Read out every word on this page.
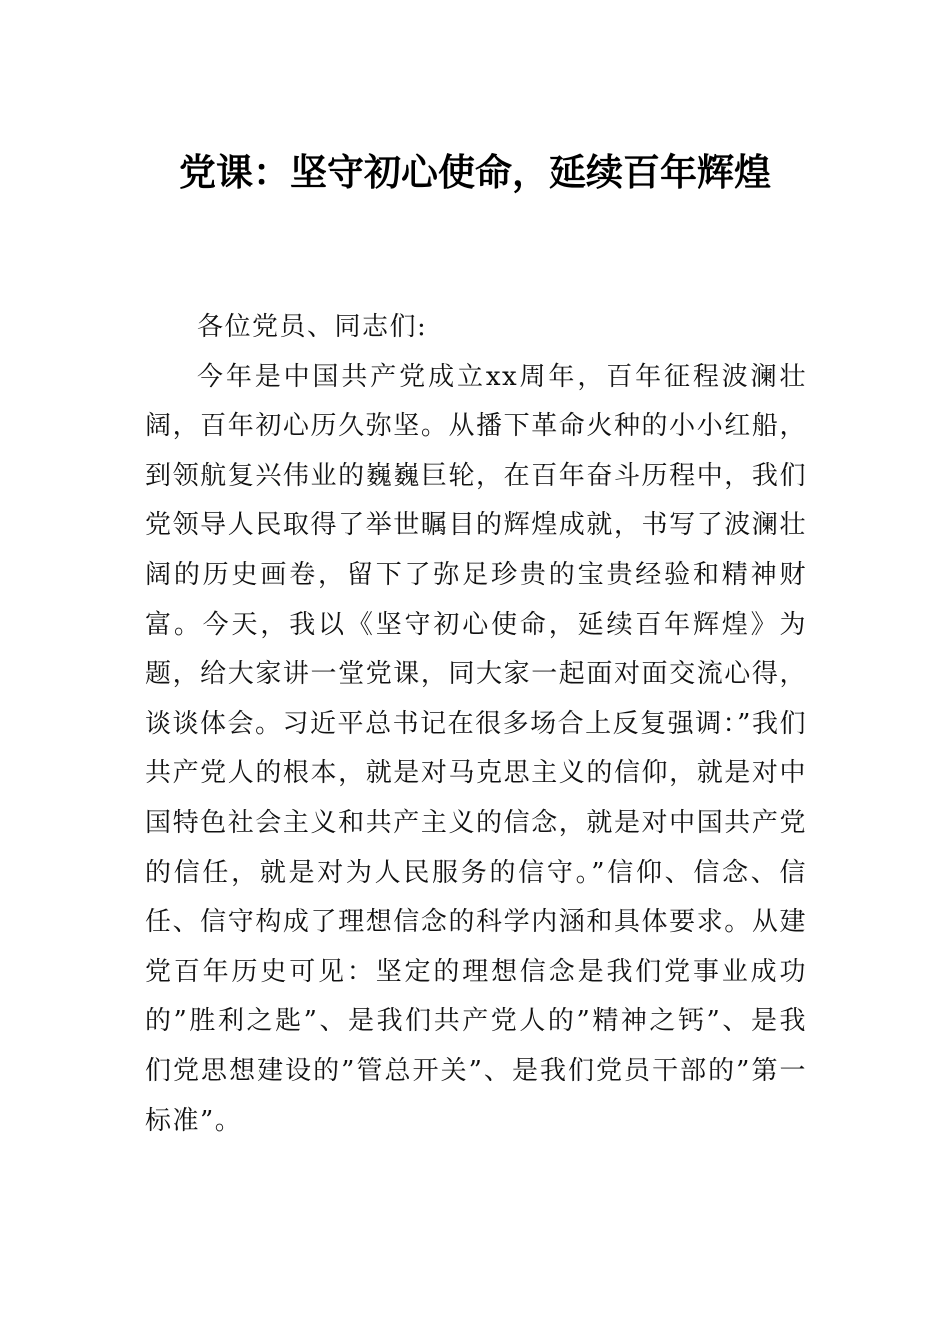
党课：坚守初心使命，延续百年辉煌

各位党员、同志们:

今年是中国共产党成立xx周年，百年征程波澜壮阔，百年初心历久弥坚。从播下革命火种的小小红船，到领航复兴伟业的巍巍巨轮，在百年奋斗历程中，我们党领导人民取得了举世瞩目的辉煌成就，书写了波澜壮阔的历史画卷，留下了弥足珍贵的宝贵经验和精神财富。今天，我以《坚守初心使命，延续百年辉煌》为题，给大家讲一堂党课，同大家一起面对面交流心得，谈谈体会。习近平总书记在很多场合上反复强调：”我们共产党人的根本，就是对马克思主义的信仰，就是对中国特色社会主义和共产主义的信念，就是对中国共产党的信任，就是对为人民服务的信守。”信仰、信念、信任、信守构成了理想信念的科学内涵和具体要求。从建党百年历史可见：坚定的理想信念是我们党事业成功的”胜利之匙”、是我们共产党人的”精神之钙”、是我们党思想建设的”管总开关”、是我们党员干部的”第一标准”。
